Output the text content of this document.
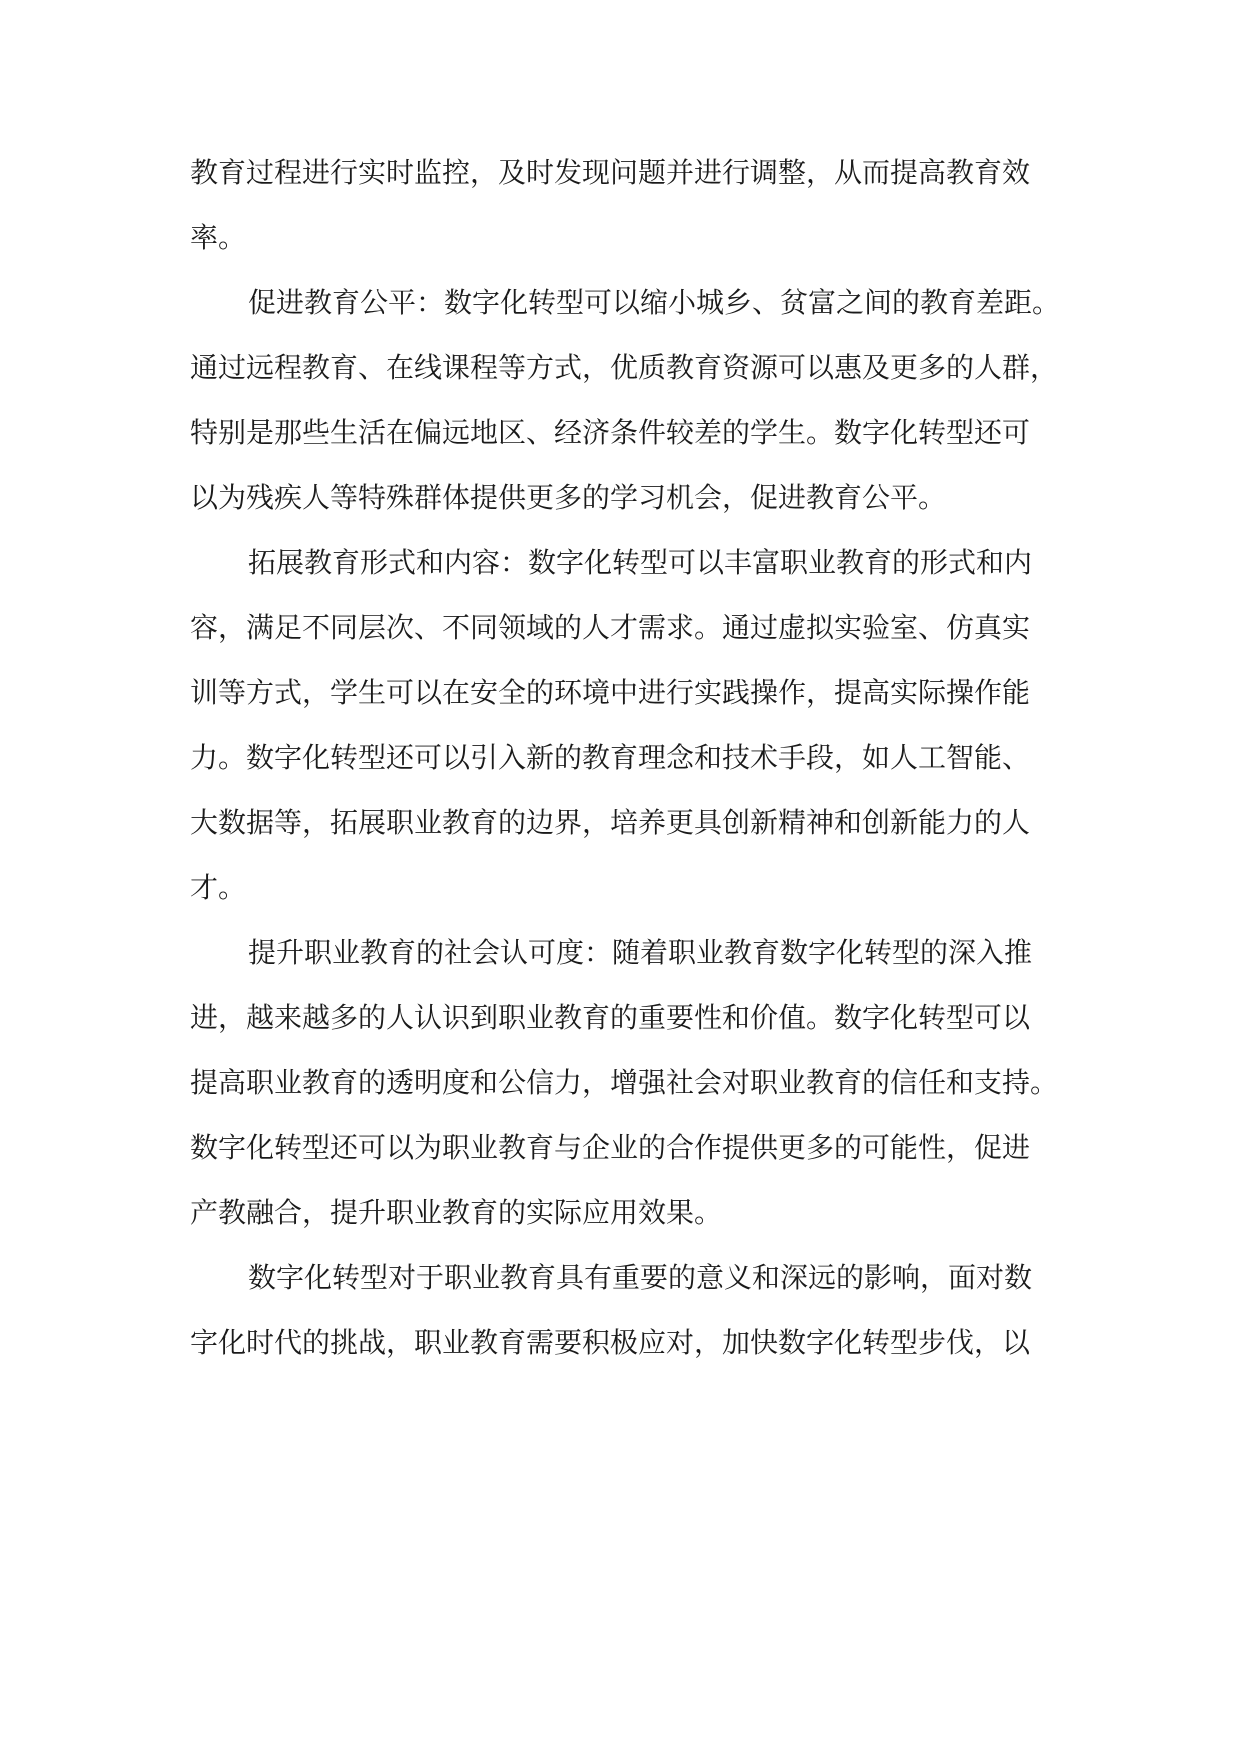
教育过程进行实时监控，及时发现问题并进行调整，从而提高教育效
率。

促进教育公平：数字化转型可以缩小城乡、贫富之间的教育差距。
通过远程教育、在线课程等方式，优质教育资源可以惠及更多的人群，
特别是那些生活在偏远地区、经济条件较差的学生。数字化转型还可
以为残疾人等特殊群体提供更多的学习机会，促进教育公平。

拓展教育形式和内容：数字化转型可以丰富职业教育的形式和内
容，满足不同层次、不同领域的人才需求。通过虚拟实验室、仿真实
训等方式，学生可以在安全的环境中进行实践操作，提高实际操作能
力。数字化转型还可以引入新的教育理念和技术手段，如人工智能、
大数据等，拓展职业教育的边界，培养更具创新精神和创新能力的人
才。

提升职业教育的社会认可度：随着职业教育数字化转型的深入推
进，越来越多的人认识到职业教育的重要性和价值。数字化转型可以
提高职业教育的透明度和公信力，增强社会对职业教育的信任和支持。
数字化转型还可以为职业教育与企业的合作提供更多的可能性，促进
产教融合，提升职业教育的实际应用效果。

数字化转型对于职业教育具有重要的意义和深远的影响，面对数
字化时代的挑战，职业教育需要积极应对，加快数字化转型步伐，以
